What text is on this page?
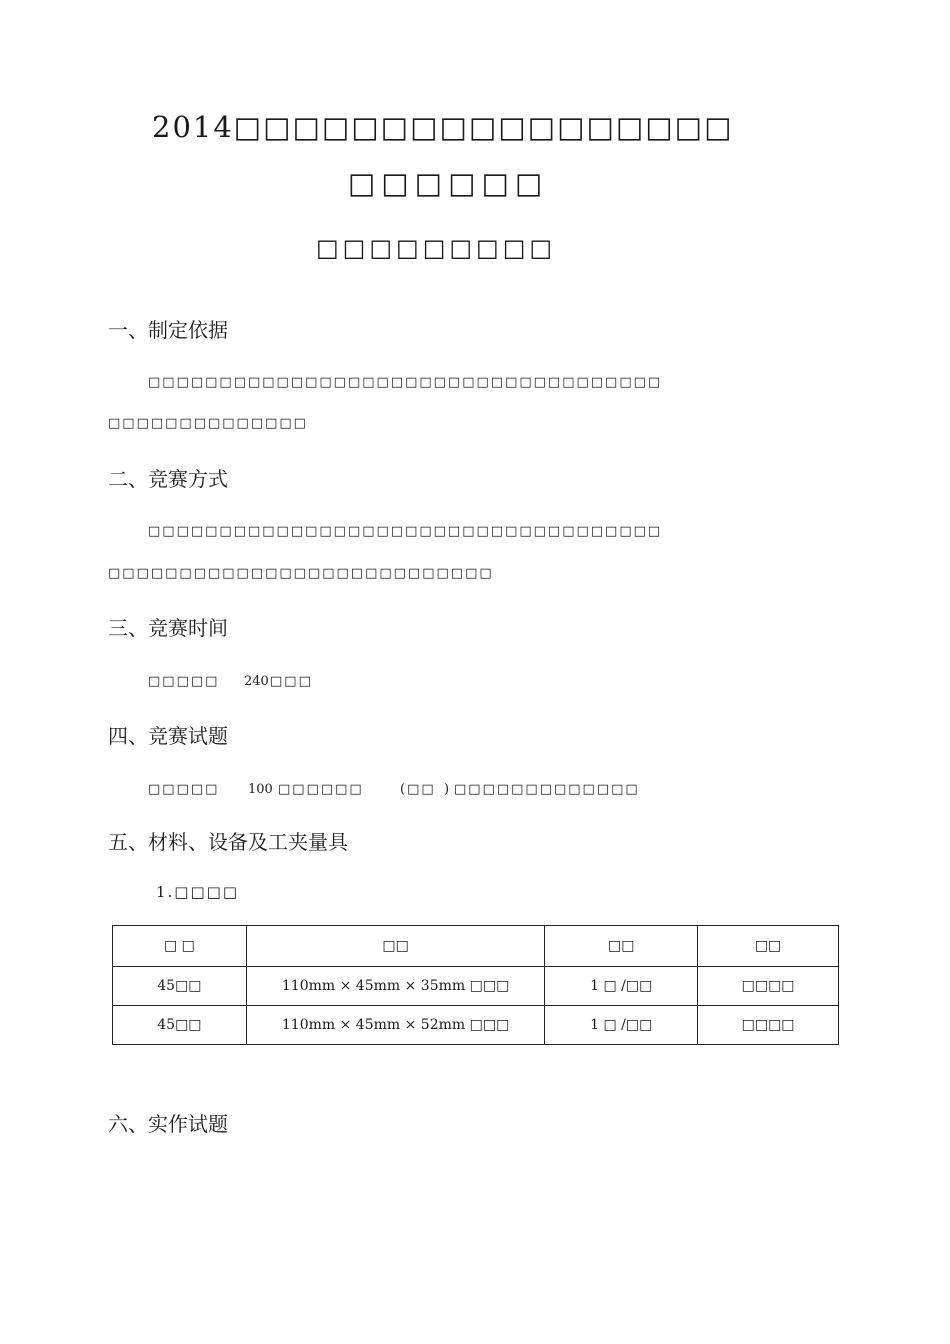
2014□□□□□□□□□□□□□□□□□
□□□□□□
□□□□□□□□□
一、制定依据
□□□□□□□□□□□□□□□□□□□□□□□□□□□□□□□□□□□□
□□□□□□□□□□□□□□
二、竞赛方式
□□□□□□□□□□□□□□□□□□□□□□□□□□□□□□□□□□□□
□□□□□□□□□□□□□□□□□□□□□□□□□□□
三、竞赛时间
□□□□□ 240 □□□
四、竞赛试题
□□□□□ 100 □□□□□□	(□□ ) □□□□□□□□□□□□□
五、材料、设备及工夹量具
1.□□□□
□ □	□□	□□	□□
45□□	110mm × 45mm × 35mm □□□	1 □ /□□	□□□□
45□□	110mm × 45mm × 52mm □□□	1 □ /□□	□□□□
六、实作试题
